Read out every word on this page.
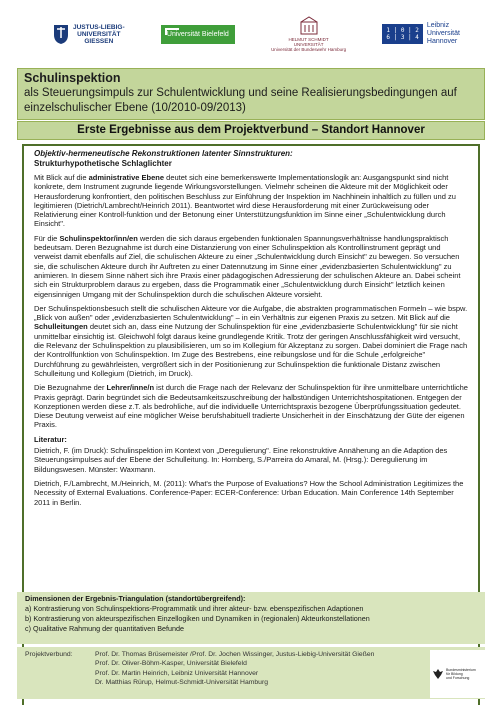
JUSTUS-LIEBIG-
UNIVERSITÄT
GIESSEN
Universität Bielefeld
HELMUT SCHMIDT
UNIVERSITÄT
Universität der Bundeswehr Hamburg
1 | 0 | 2
6 | 3 | 4
Leibniz
Universität
Hannover
Schulinspektion
als Steuerungsimpuls zur Schulentwicklung und seine Realisierungsbedingungen auf einzelschulischer Ebene (10/2010-09/2013)
Erste Ergebnisse aus dem Projektverbund – Standort Hannover
Objektiv-hermeneutische Rekonstruktionen latenter Sinnstrukturen:
Strukturhypothetische Schlaglichter

Mit Blick auf die administrative Ebene deutet sich eine bemerkenswerte Implementationslogik an: Ausgangspunkt sind nicht konkrete, dem Instrument zugrunde liegende Wirkungsvorstellungen. Vielmehr scheinen die Akteure mit der Möglichkeit oder Herausforderung konfrontiert, den politischen Beschluss zur Einführung der Inspektion im Nachhinein inhaltlich zu füllen und zu legitimieren (Dietrich/Lambrecht/Heinrich 2011). Beantwortet wird diese Herausforderung mit einer Zurückweisung oder Relativierung einer Kontroll-funktion und der Betonung einer Unterstützungsfunktion im Sinne einer „Schulentwicklung durch Einsicht".

Für die Schulinspektor/inn/en werden die sich daraus ergebenden funktionalen Spannungsverhältnisse handlungspraktisch bedeutsam. Deren Bezugnahme ist durch eine Distanzierung von einer Schulinspektion als Kontrollinstrument geprägt und verweist damit ebenfalls auf Ziel, die schulischen Akteure zu einer „Schulentwicklung durch Einsicht" zu bewegen. So versuchen sie, die schulischen Akteure durch ihr Auftreten zu einer Datennutzung im Sinne einer „evidenzbasierten Schulentwicklung" zu animieren. In diesem Sinne nähert sich ihre Praxis einer pädagogischen Adressierung der schulischen Akteure an. Dabei scheint sich ein Strukturproblem daraus zu ergeben, dass die Programmatik einer „Schulentwicklung durch Einsicht" letztlich keinen eigensinnigen Umgang mit der Schulinspektion durch die schulischen Akteure vorsieht.

Der Schulinspektionsbesuch stellt die schulischen Akteure vor die Aufgabe, die abstrakten programmatischen Formeln – wie bspw. „Blick von außen" oder „evidenzbasierten Schulentwicklung" – in ein Verhältnis zur eigenen Praxis zu setzen. Mit Blick auf die Schulleitungen deutet sich an, dass eine Nutzung der Schulinspektion für eine „evidenzbasierte Schulentwicklung" für sie nicht unmittelbar einsichtig ist. Gleichwohl folgt daraus keine grundlegende Kritik. Trotz der geringen Anschlussfähigkeit wird versucht, die Relevanz der Schulinspektion zu plausibilisieren, um so im Kollegium für Akzeptanz zu sorgen. Dabei dominiert die Frage nach der Kontrollfunktion von Schulinspektion. Im Zuge des Bestrebens, eine reibungslose und für die Schule „erfolgreiche" Durchführung zu gewährleisten, vergrößert sich in der Positionierung zur Schulinspektion die funktionale Distanz zwischen Schulleitung und Kollegium (Dietrich, im Druck).

Die Bezugnahme der Lehrer/inne/n ist durch die Frage nach der Relevanz der Schulinspektion für ihre unmittelbare unterrichtliche Praxis geprägt. Darin begründet sich die Bedeutsamkeitszuschreibung der halbstündigen Unterrichtshospitationen. Entgegen der Konzeptionen werden diese z.T. als bedrohliche, auf die individuelle Unterrichtspraxis bezogene Überprüfungssituation gedeutet. Diese Deutung verweist auf eine möglicher Weise berufshabituell tradierte Unsicherheit in der Einschätzung der Güte der eigenen Praxis.

Literatur:

Dietrich, F. (im Druck): Schulinspektion im Kontext von „Deregulierung". Eine rekonstruktive Annäherung an die Adaption des Steuerungsimpulses auf der Ebene der Schulleitung. In: Hornberg, S./Parreira do Amaral, M. (Hrsg.): Deregulierung im Bildungswesen. Münster: Waxmann.

Dietrich, F./Lambrecht, M./Heinrich, M. (2011): What's the Purpose of Evaluations? How the School Administration Legitimizes the Necessity of External Evaluations. Conference-Paper: ECER-Conference: Urban Education. Main Conference 14th September 2011 in Berlin.

Dimensionen der Ergebnis-Triangulation (standortübergreifend):
a) Kontrastierung von Schulinspektions-Programmatik und ihrer akteur- bzw. ebenspezifischen Adaptionen
b) Kontrastierung von akteurspezifischen Einzellogiken und Dynamiken in (regionalen) Akteurkonstellationen
c) Qualitative Rahmung der quantitativen Befunde
Projektverbund:	Prof. Dr. Thomas Brüsemeister /Prof. Dr. Jochen Wissinger, Justus-Liebig-Universität Gießen
Prof. Dr. Oliver-Böhm-Kasper, Universität Bielefeld
Prof. Dr. Martin Heinrich, Leibniz Universität Hannover
Dr. Matthias Rürup, Helmut-Schmidt-Universität Hamburg
Bundesministerium
für Bildung
und Forschung
